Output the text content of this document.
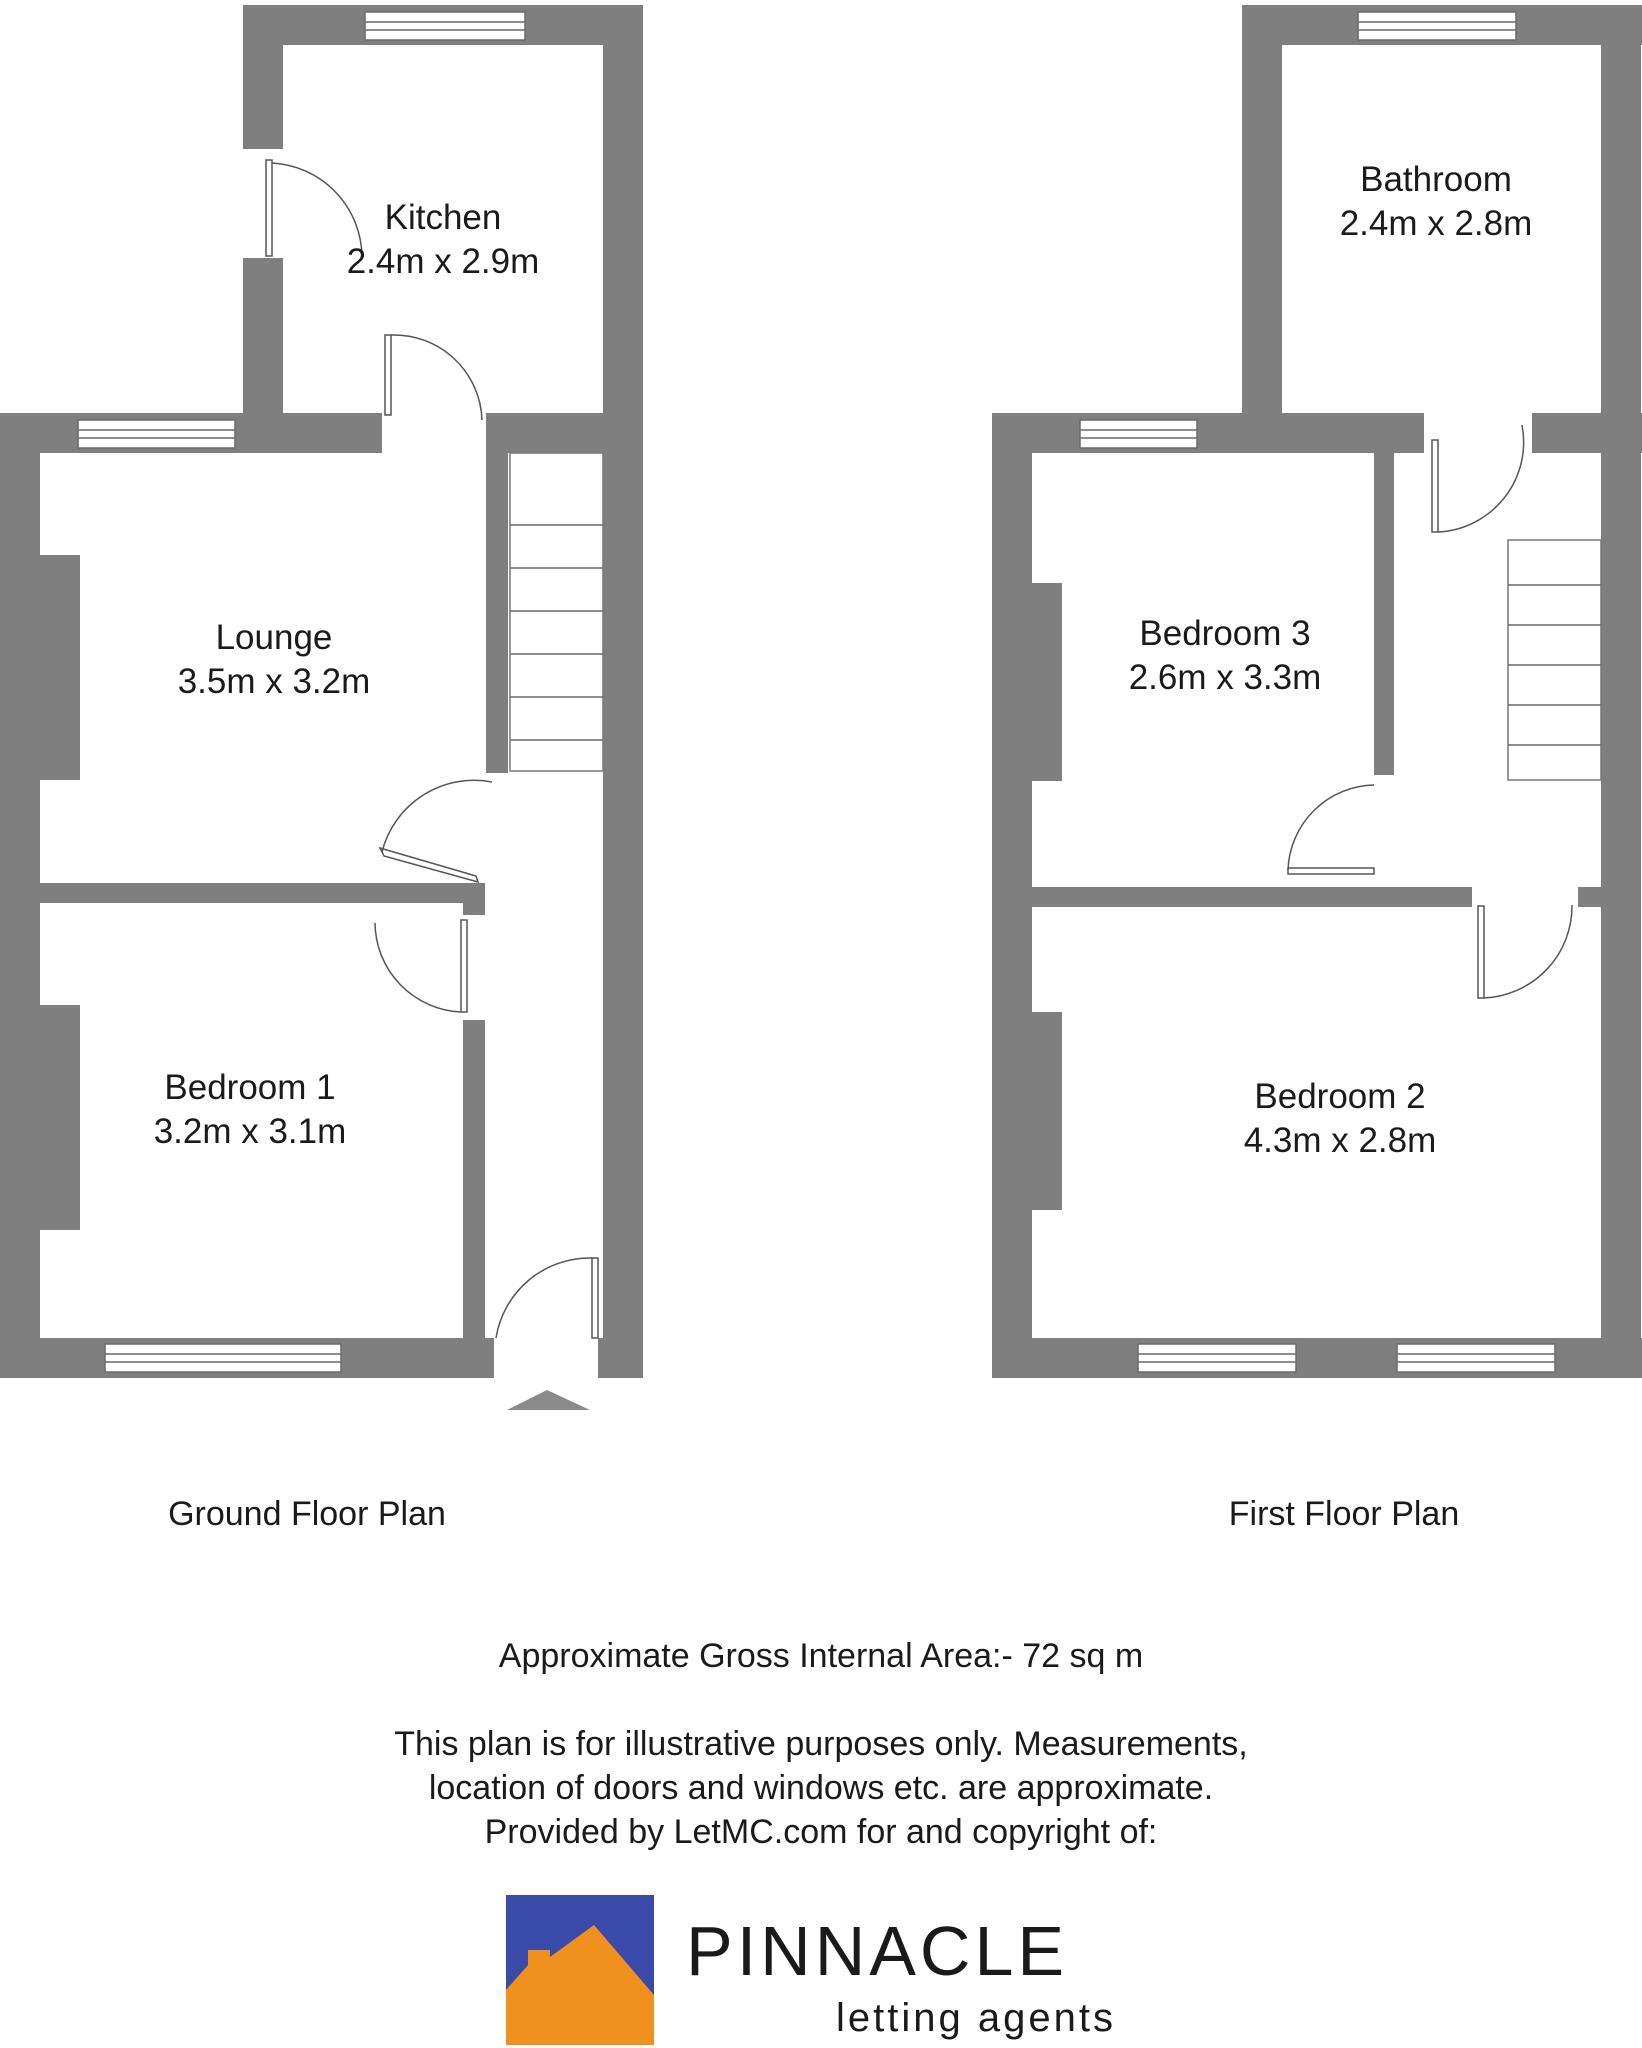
Kitchen
2.4m x 2.9m
Lounge
3.5m x 3.2m
Bedroom 1
3.2m x 3.1m
Ground Floor Plan
Bathroom
2.4m x 2.8m
Bedroom 3
2.6m x 3.3m
Bedroom 2
4.3m x 2.8m
First Floor Plan
Approximate Gross Internal Area:- 72 sq m
This plan is for illustrative purposes only. Measurements,
location of doors and windows etc. are approximate.
Provided by LetMC.com for and copyright of:
PINNACLE
letting agents
